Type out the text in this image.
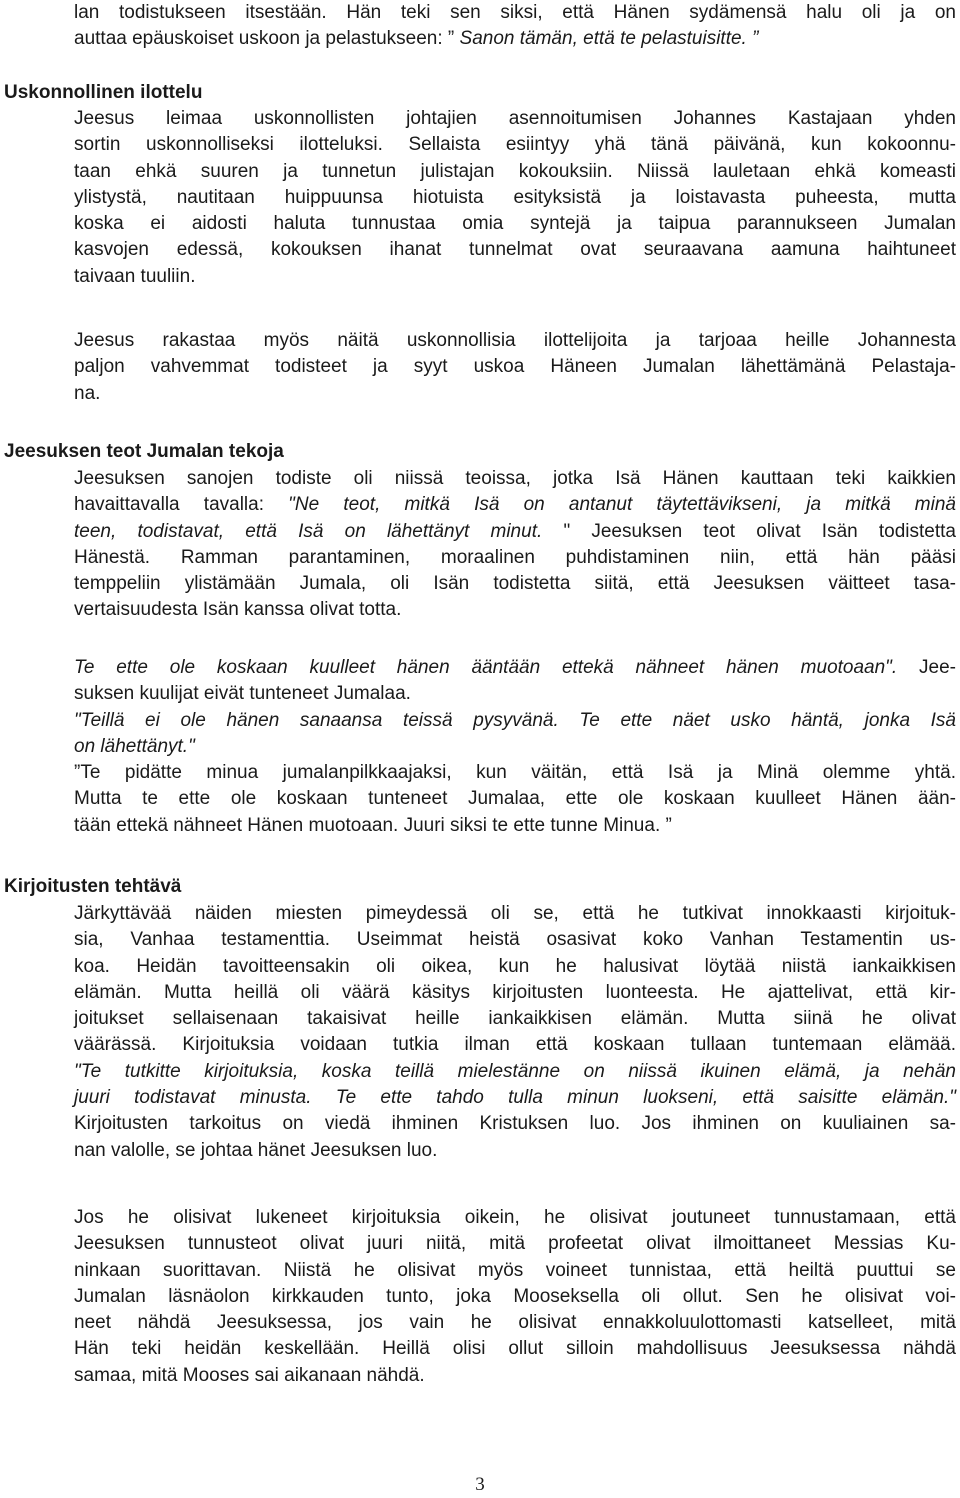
lan todistukseen itsestään. Hän teki sen siksi, että Hänen sydämensä halu oli ja on
auttaa epäuskoiset uskoon ja pelastukseen: ” Sanon tämän, että te pelastuisitte. ”
Uskonnollinen ilottelu
Jeesus leimaa uskonnollisten johtajien asennoitumisen Johannes Kastajaan yhden
sortin uskonnolliseksi ilotteluksi. Sellaista esiintyy yhä tänä päivänä, kun kokoonnu-
taan ehkä suuren ja tunnetun julistajan kokouksiin. Niissä lauletaan ehkä komeasti
ylistystä, nautitaan huippuunsa hiotuista esityksistä ja loistavasta puheesta, mutta
koska ei aidosti haluta tunnustaa omia syntejä ja taipua parannukseen Jumalan
kasvojen edessä, kokouksen ihanat tunnelmat ovat seuraavana aamuna haihtuneet
taivaan tuuliin.
Jeesus rakastaa myös näitä uskonnollisia ilottelijoita ja tarjoaa heille Johannesta
paljon vahvemmat todisteet ja syyt uskoa Häneen Jumalan lähettämänä Pelastaja-
na.
Jeesuksen teot Jumalan tekoja
Jeesuksen sanojen todiste oli niissä teoissa, jotka Isä Hänen kauttaan teki kaikkien
havaittavalla tavalla: "Ne teot, mitkä Isä on antanut täytettävikseni, ja mitkä minä
teen, todistavat, että Isä on lähettänyt minut. " Jeesuksen teot olivat Isän todistetta
Hänestä. Ramman parantaminen, moraalinen puhdistaminen niin, että hän pääsi
temppeliin ylistämään Jumala, oli Isän todistetta siitä, että Jeesuksen väitteet tasa-
vertaisuudesta Isän kanssa olivat totta.
Te ette ole koskaan kuulleet hänen ääntään ettekä nähneet hänen muotoaan". Jee-
suksen kuulijat eivät tunteneet Jumalaa.
"Teillä ei ole hänen sanaansa teissä pysyvänä. Te ette näet usko häntä, jonka Isä
on lähettänyt."
”Te pidätte minua jumalanpilkkaajaksi, kun väitän, että Isä ja Minä olemme yhtä.
Mutta te ette ole koskaan tunteneet Jumalaa, ette ole koskaan kuulleet Hänen ään-
tään ettekä nähneet Hänen muotoaan. Juuri siksi te ette tunne Minua. ”
Kirjoitusten tehtävä
Järkyttävää näiden miesten pimeydessä oli se, että he tutkivat innokkaasti kirjoituk-
sia, Vanhaa testamenttia. Useimmat heistä osasivat koko Vanhan Testamentin us-
koa. Heidän tavoitteensakin oli oikea, kun he halusivat löytää niistä iankaikkisen
elämän. Mutta heillä oli väärä käsitys kirjoitusten luonteesta. He ajattelivat, että kir-
joitukset sellaisenaan takaisivat heille iankaikkisen elämän. Mutta siinä he olivat
väärässä. Kirjoituksia voidaan tutkia ilman että koskaan tullaan tuntemaan elämää.
"Te tutkitte kirjoituksia, koska teillä mielestänne on niissä ikuinen elämä, ja nehän
juuri todistavat minusta. Te ette tahdo tulla minun luokseni, että saisitte elämän."
Kirjoitusten tarkoitus on viedä ihminen Kristuksen luo. Jos ihminen on kuuliainen sa-
nan valolle, se johtaa hänet Jeesuksen luo.
Jos he olisivat lukeneet kirjoituksia oikein, he olisivat joutuneet tunnustamaan, että
Jeesuksen tunnusteot olivat juuri niitä, mitä profeetat olivat ilmoittaneet Messias Ku-
ninkaan suorittavan. Niistä he olisivat myös voineet tunnistaa, että heiltä puuttui se
Jumalan läsnäolon kirkkauden tunto, joka Mooseksella oli ollut. Sen he olisivat voi-
neet nähdä Jeesuksessa, jos vain he olisivat ennakkoluulottomasti katselleet, mitä
Hän teki heidän keskellään. Heillä olisi ollut silloin mahdollisuus Jeesuksessa nähdä
samaa, mitä Mooses sai aikanaan nähdä.
3
